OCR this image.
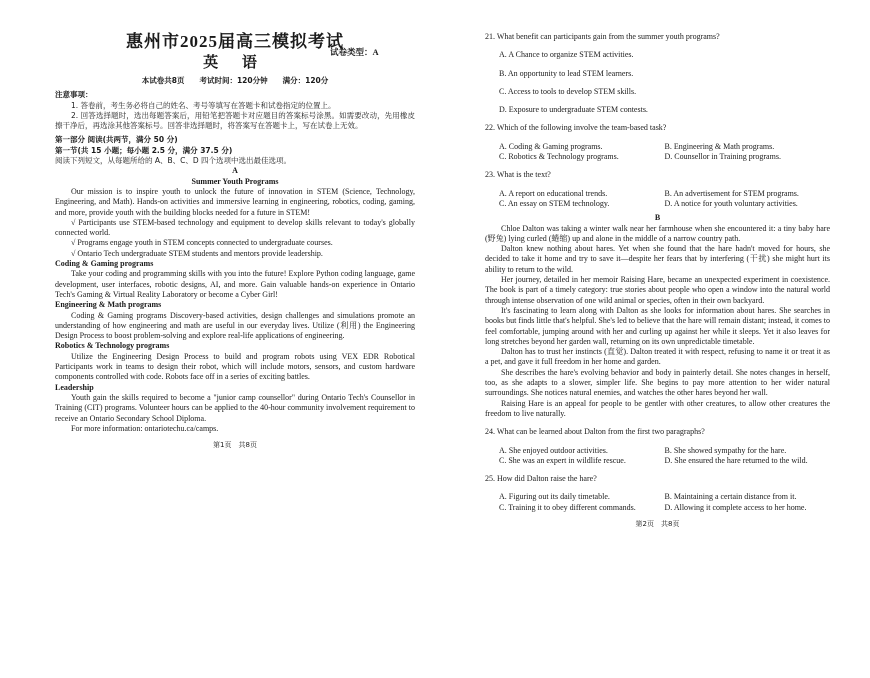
试卷类型：A
惠州市2025届高三模拟考试
英 语
本试卷共8页　　考试时间：120分钟　　满分：120分

注意事项：

1. 答卷前，考生务必将自己的姓名、考号等填写在答题卡和试卷指定的位置上。

2. 回答选择题时，选出每题答案后，用铅笔把答题卡对应题目的答案标号涂黑。如需要改动，先用橡皮擦干净后，再选涂其他答案标号。回答非选择题时，将答案写在答题卡上，写在试卷上无效。

第一部分 阅读(共两节，满分 50 分)

第一节(共 15 小题；每小题 2.5 分，满分 37.5 分)

阅读下列短文，从每题所给的 A、B、C、D 四个选项中选出最佳选项。

A

Summer Youth Programs

Our mission is to inspire youth to unlock the future of innovation in STEM (Science, Technology, Engineering, and Math). Hands-on activities and immersive learning in engineering, robotics, coding, gaming, and more, provide youth with the building blocks needed for a future in STEM!

√ Participants use STEM-based technology and equipment to develop skills relevant to today's globally connected world.

√ Programs engage youth in STEM concepts connected to undergraduate courses.

√ Ontario Tech undergraduate STEM students and mentors provide leadership.

Coding & Gaming programs

Take your coding and programming skills with you into the future! Explore Python coding language, game development, user interfaces, robotic designs, AI, and more. Gain valuable hands-on experience in Ontario Tech's Gaming & Virtual Reality Laboratory or become a Cyber Girl!

Engineering & Math programs

Coding & Gaming programs Discovery-based activities, design challenges and simulations promote an understanding of how engineering and math are useful in our everyday lives. Utilize (利用) the Engineering Design Process to boost problem-solving and explore real-life applications of engineering.

Robotics & Technology programs

Utilize the Engineering Design Process to build and program robots using VEX EDR Robotical Participants work in teams to design their robot, which will include motors, sensors, and custom hardware components controlled with code. Robots face off in a series of exciting battles.

Leadership

Youth gain the skills required to become a "junior camp counsellor" during Ontario Tech's Counsellor in Training (CIT) programs. Volunteer hours can be applied to the 40-hour community involvement requirement to receive an Ontario Secondary School Diploma.

For more information: ontariotechu.ca/camps.

第1页　共8页

21. What benefit can participants gain from the summer youth programs?

A. A Chance to organize STEM activities.

B. An opportunity to lead STEM learners.

C. Access to tools to develop STEM skills.

D. Exposure to undergraduate STEM contests.

22. Which of the following involve the team-based task?

A. Coding & Gaming programs.	B. Engineering & Math programs.
C. Robotics & Technology programs.	D. Counsellor in Training programs.

23. What is the text?

A. A report on educational trends.	B. An advertisement for STEM programs.
C. An essay on STEM technology.	D. A notice for youth voluntary activities.

B

Chloe Dalton was taking a winter walk near her farmhouse when she encountered it: a tiny baby hare (野兔) lying curled (蜷缩) up and alone in the middle of a narrow country path.

Dalton knew nothing about hares. Yet when she found that the hare hadn't moved for hours, she decided to take it home and try to save it—despite her fears that by interfering (干扰) she might hurt its ability to return to the wild.

Her journey, detailed in her memoir Raising Hare, became an unexpected experiment in coexistence. The book is part of a timely category: true stories about people who open a window into the natural world through intense observation of one wild animal or species, often in their own backyard.

It's fascinating to learn along with Dalton as she looks for information about hares. She searches in books but finds little that's helpful. She's led to believe that the hare will remain distant; instead, it comes to feel comfortable, jumping around with her and curling up against her while it sleeps. Yet it also leaves for long stretches beyond her garden wall, returning on its own unpredictable timetable.

Dalton has to trust her instincts (直觉). Dalton treated it with respect, refusing to name it or treat it as a pet, and gave it full freedom in her home and garden.

She describes the hare's evolving behavior and body in painterly detail. She notes changes in herself, too, as she adapts to a slower, simpler life. She begins to pay more attention to her wider natural surroundings. She notices natural enemies, and watches the other hares beyond her wall.

Raising Hare is an appeal for people to be gentler with other creatures, to allow other creatures the freedom to live naturally.

24. What can be learned about Dalton from the first two paragraphs?

A. She enjoyed outdoor activities.	B. She showed sympathy for the hare.
C. She was an expert in wildlife rescue.	D. She ensured the hare returned to the wild.

25. How did Dalton raise the hare?

A. Figuring out its daily timetable.	B. Maintaining a certain distance from it.
C. Training it to obey different commands.	D. Allowing it complete access to her home.
第2页　共8页
